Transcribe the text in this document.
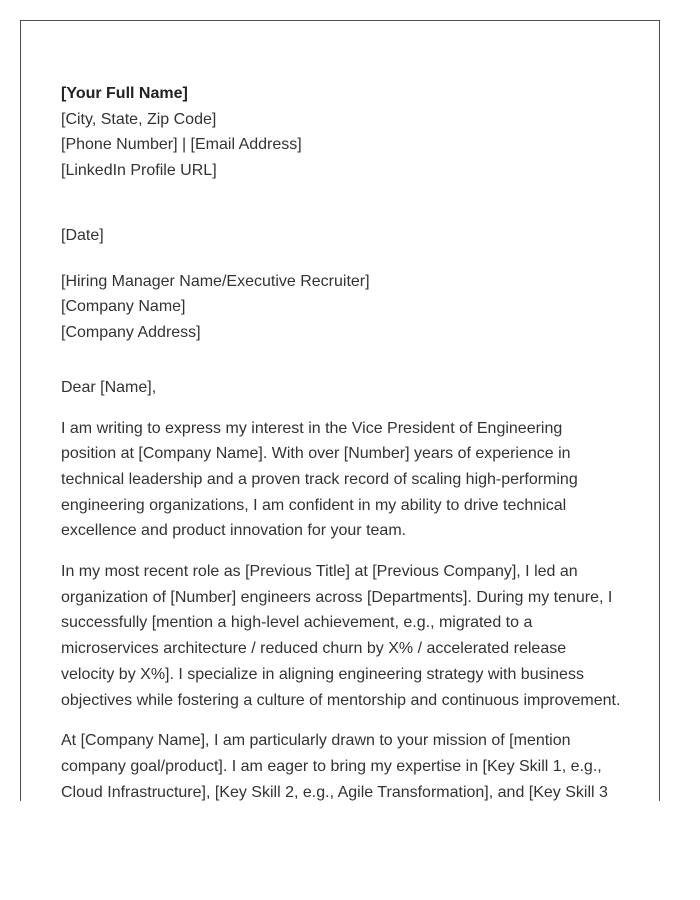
[Your Full Name]
[City, State, Zip Code]
[Phone Number] | [Email Address]
[LinkedIn Profile URL]
[Date]
[Hiring Manager Name/Executive Recruiter]
[Company Name]
[Company Address]
Dear [Name],
I am writing to express my interest in the Vice President of Engineering
position at [Company Name]. With over [Number] years of experience in
technical leadership and a proven track record of scaling high-performing
engineering organizations, I am confident in my ability to drive technical
excellence and product innovation for your team.
In my most recent role as [Previous Title] at [Previous Company], I led an
organization of [Number] engineers across [Departments]. During my tenure, I
successfully [mention a high-level achievement, e.g., migrated to a
microservices architecture / reduced churn by X% / accelerated release
velocity by X%]. I specialize in aligning engineering strategy with business
objectives while fostering a culture of mentorship and continuous improvement.
At [Company Name], I am particularly drawn to your mission of [mention
company goal/product]. I am eager to bring my expertise in [Key Skill 1, e.g.,
Cloud Infrastructure], [Key Skill 2, e.g., Agile Transformation], and [Key Skill 3
